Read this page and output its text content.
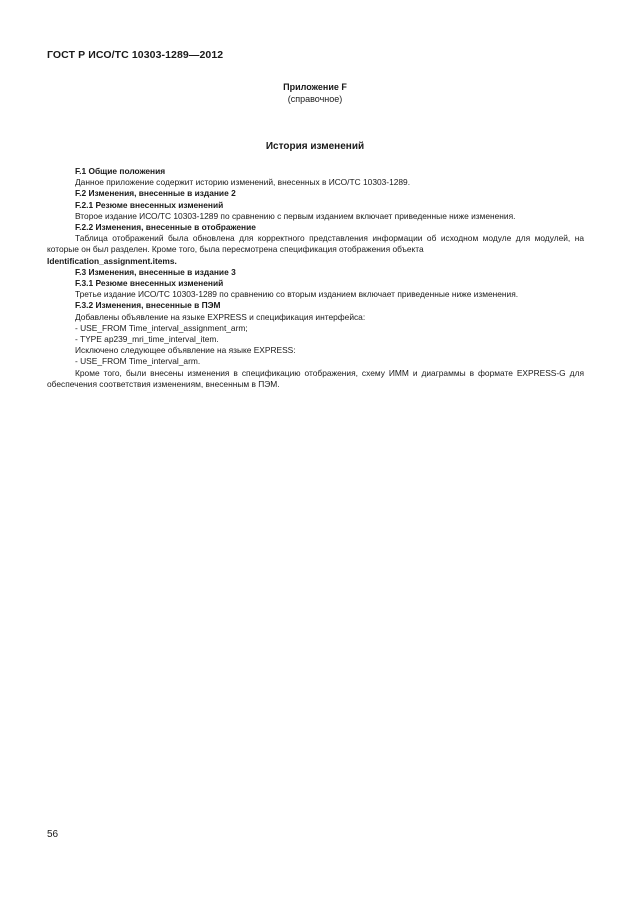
ГОСТ Р ИСО/ТС 10303-1289—2012
Приложение F
(справочное)
История изменений

F.1 Общие положения

Данное приложение содержит историю изменений, внесенных в ИСО/ТС 10303-1289.

F.2 Изменения, внесенные в издание 2

F.2.1 Резюме внесенных изменений

Второе издание ИСО/ТС 10303-1289 по сравнению с первым изданием включает приведенные ниже изменения.

F.2.2 Изменения, внесенные в отображение

Таблица отображений была обновлена для корректного представления информации об исходном модуле для модулей, на которые он был разделен. Кроме того, была пересмотрена спецификация отображения объекта

Identification_assignment.items.

F.3 Изменения, внесенные в издание 3

F.3.1 Резюме внесенных изменений

Третье издание ИСО/ТС 10303-1289 по сравнению со вторым изданием включает приведенные ниже изменения.

F.3.2 Изменения, внесенные в ПЭМ

Добавлены объявление на языке EXPRESS и спецификация интерфейса:

- USE_FROM Time_interval_assignment_arm;

- TYPE ap239_mri_time_interval_item.

Исключено следующее объявление на языке EXPRESS:

- USE_FROM Time_interval_arm.

Кроме того, были внесены изменения в спецификацию отображения, схему ИММ и диаграммы в формате EXPRESS-G для обеспечения соответствия изменениям, внесенным в ПЭМ.

56
